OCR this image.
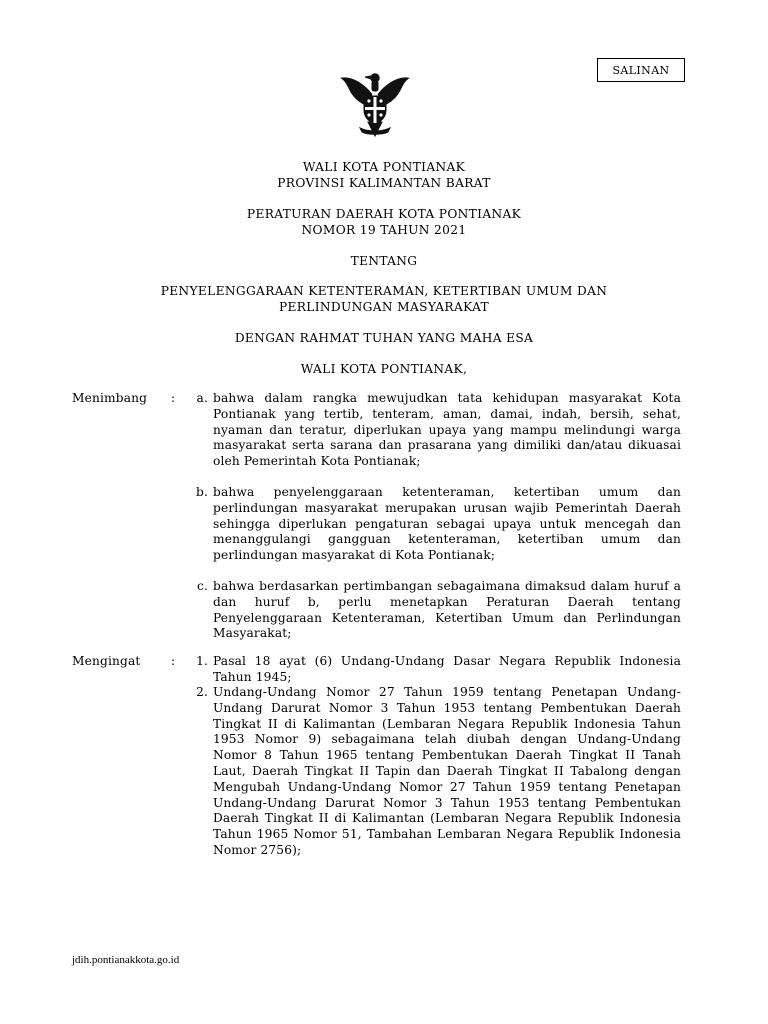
SALINAN
WALI KOTA PONTIANAK
PROVINSI KALIMANTAN BARAT
PERATURAN DAERAH KOTA PONTIANAK
NOMOR 19 TAHUN 2021
TENTANG
PENYELENGGARAAN KETENTERAMAN, KETERTIBAN UMUM DAN
PERLINDUNGAN MASYARAKAT
DENGAN RAHMAT TUHAN YANG MAHA ESA
WALI KOTA PONTIANAK,
Menimbang	:	a. bahwa dalam rangka mewujudkan tata kehidupan masyarakat Kota Pontianak yang tertib, tenteram, aman, damai, indah, bersih, sehat, nyaman dan teratur, diperlukan upaya yang mampu melindungi warga masyarakat serta sarana dan prasarana yang dimiliki dan/atau dikuasai oleh Pemerintah Kota Pontianak;
b. bahwa penyelenggaraan ketenteraman, ketertiban umum dan perlindungan masyarakat merupakan urusan wajib Pemerintah Daerah sehingga diperlukan pengaturan sebagai upaya untuk mencegah dan menanggulangi gangguan ketenteraman, ketertiban umum dan perlindungan masyarakat di Kota Pontianak;
c. bahwa berdasarkan pertimbangan sebagaimana dimaksud dalam huruf a dan huruf b, perlu menetapkan Peraturan Daerah tentang Penyelenggaraan Ketenteraman, Ketertiban Umum dan Perlindungan Masyarakat;
Mengingat	:	1. Pasal 18 ayat (6) Undang-Undang Dasar Negara Republik Indonesia Tahun 1945;
2. Undang-Undang Nomor 27 Tahun 1959 tentang Penetapan Undang-Undang Darurat Nomor 3 Tahun 1953 tentang Pembentukan Daerah Tingkat II di Kalimantan (Lembaran Negara Republik Indonesia Tahun 1953 Nomor 9) sebagaimana telah diubah dengan Undang-Undang Nomor 8 Tahun 1965 tentang Pembentukan Daerah Tingkat II Tanah Laut, Daerah Tingkat II Tapin dan Daerah Tingkat II Tabalong dengan Mengubah Undang-Undang Nomor 27 Tahun 1959 tentang Penetapan Undang-Undang Darurat Nomor 3 Tahun 1953 tentang Pembentukan Daerah Tingkat II di Kalimantan (Lembaran Negara Republik Indonesia Tahun 1965 Nomor 51, Tambahan Lembaran Negara Republik Indonesia Nomor 2756);
jdih.pontianakkota.go.id
